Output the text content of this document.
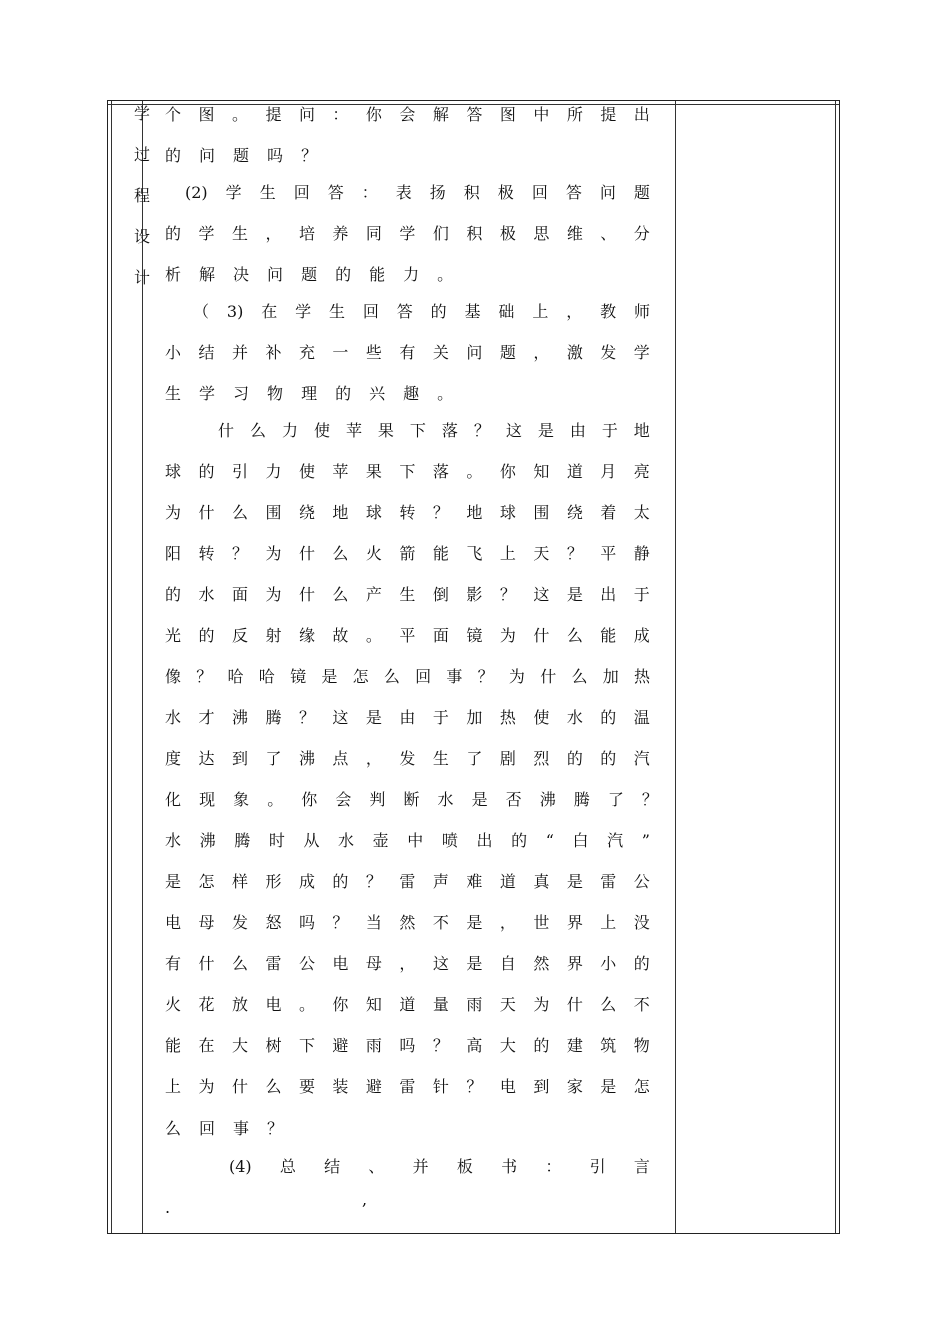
学
过
程
设
计
个 图 。 提 问 ： 你 会 解 答 图 中 所 提 出
的 问 题 吗 ？
(2) 学 生 回 答 ： 表 扬 积 极 回 答 问 题
的 学 生 ， 培 养 同 学 们 积 极 思 维 、 分
析 解 决 问 题 的 能 力 。
（ 3) 在 学 生 回 答 的 基 础 上 ， 教 师
小 结 并 补 充 一 些 有 关 问 题 ， 激 发 学
生 学 习 物 理 的 兴 趣 。
什 么 力 使 苹 果 下 落 ？ 这 是 由 于 地
球 的 引 力 使 苹 果 下 落 。 你 知 道 月 亮
为 什 么 围 绕 地 球 转 ？ 地 球 围 绕 着 太
阳 转 ？ 为 什 么 火 箭 能 飞 上 天 ？ 平 静
的 水 面 为 什 么 产 生 倒 影 ？ 这 是 出 于
光 的 反 射 缘 故 。 平 面 镜 为 什 么 能 成
像 ？ 哈 哈 镜 是 怎 么 回 事 ？ 为 什 么 加 热
水 才 沸 腾 ？ 这 是 由 于 加 热 使 水 的 温
度 达 到 了 沸 点 ， 发 生 了 剧 烈 的 的 汽
化 现 象 。 你 会 判 断 水 是 否 沸 腾 了 ？
水 沸 腾 时 从 水 壶 中 喷 出 的 “ 白 汽 ”
是 怎 样 形 成 的 ？ 雷 声 难 道 真 是 雷 公
电 母 发 怒 吗 ？ 当 然 不 是 ， 世 界 上 没
有 什 么 雷 公 电 母 ， 这 是 自 然 界 小 的
火 花 放 电 。 你 知 道 量 雨 天 为 什 么 不
能 在 大 树 下 避 雨 吗 ？ 高 大 的 建 筑 物
上 为 什 么 要 装 避 雷 针 ？ 电 到 家 是 怎
么 回 事 ？
(4) 总 结 、 并 板 书 ： 引 言
,
.
